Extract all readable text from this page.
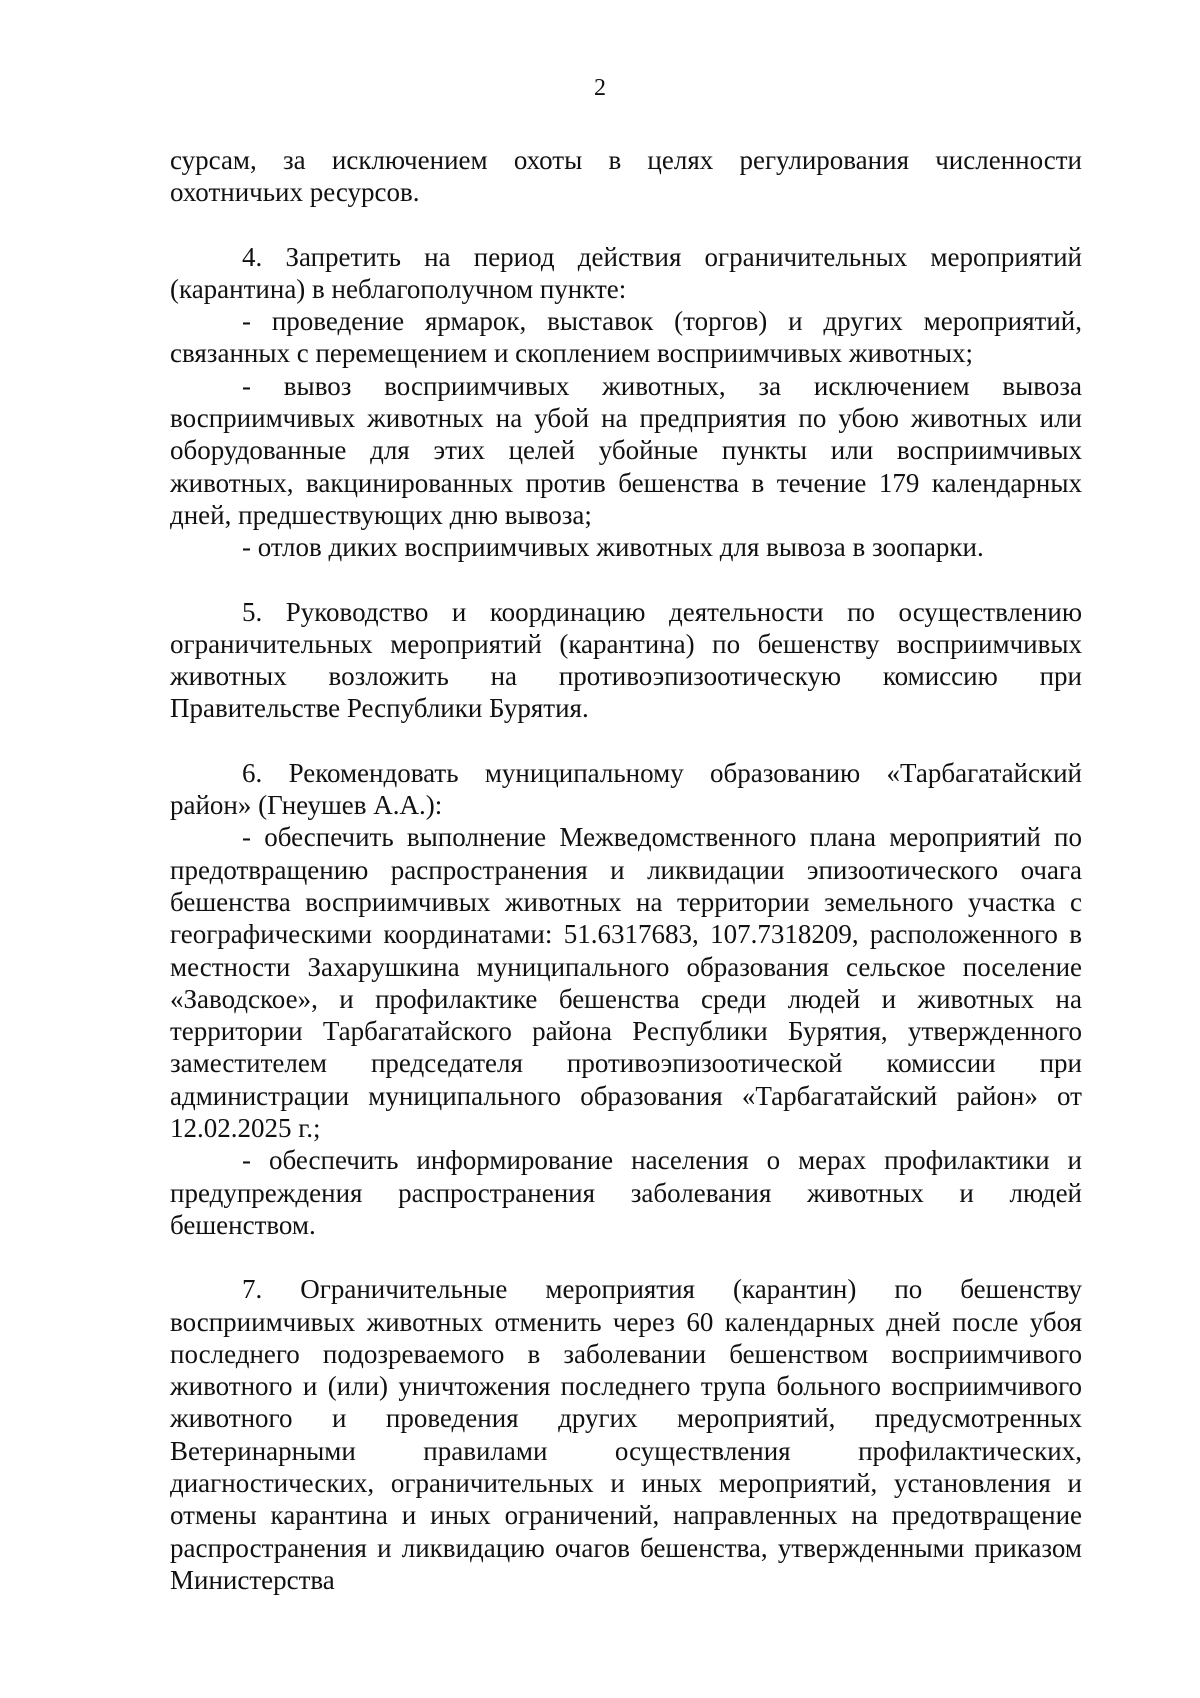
2

сурсам, за исключением охоты в целях регулирования численности охотничьих ресурсов.

4. Запретить на период действия ограничительных мероприятий (карантина) в неблагополучном пункте:

- проведение ярмарок, выставок (торгов) и других мероприятий, связанных с перемещением и скоплением восприимчивых животных;

- вывоз восприимчивых животных, за исключением вывоза восприимчивых животных на убой на предприятия по убою животных или оборудованные для этих целей убойные пункты или восприимчивых животных, вакцинированных против бешенства в течение 179 календарных дней, предшествующих дню вывоза;

- отлов диких восприимчивых животных для вывоза в зоопарки.

5. Руководство и координацию деятельности по осуществлению ограничительных мероприятий (карантина) по бешенству восприимчивых животных возложить на противоэпизоотическую комиссию при Правительстве Республики Бурятия.

6. Рекомендовать муниципальному образованию «Тарбагатайский район» (Гнеушев А.А.):

- обеспечить выполнение Межведомственного плана мероприятий по предотвращению распространения и ликвидации эпизоотического очага бешенства восприимчивых животных на территории земельного участка с географическими координатами: 51.6317683, 107.7318209, расположенного в местности Захарушкина муниципального образования сельское поселение «Заводское», и профилактике бешенства среди людей и животных на территории Тарбагатайского района Республики Бурятия, утвержденного заместителем председателя противоэпизоотической комиссии при администрации муниципального образования «Тарбагатайский район» от 12.02.2025 г.;

- обеспечить информирование населения о мерах профилактики и предупреждения распространения заболевания животных и людей бешенством.

7. Ограничительные мероприятия (карантин) по бешенству восприимчивых животных отменить через 60 календарных дней после убоя последнего подозреваемого в заболевании бешенством восприимчивого животного и (или) уничтожения последнего трупа больного восприимчивого животного и проведения других мероприятий, предусмотренных Ветеринарными правилами осуществления профилактических, диагностических, ограничительных и иных мероприятий, установления и отмены карантина и иных ограничений, направленных на предотвращение распространения и ликвидацию очагов бешенства, утвержденными приказом Министерства
